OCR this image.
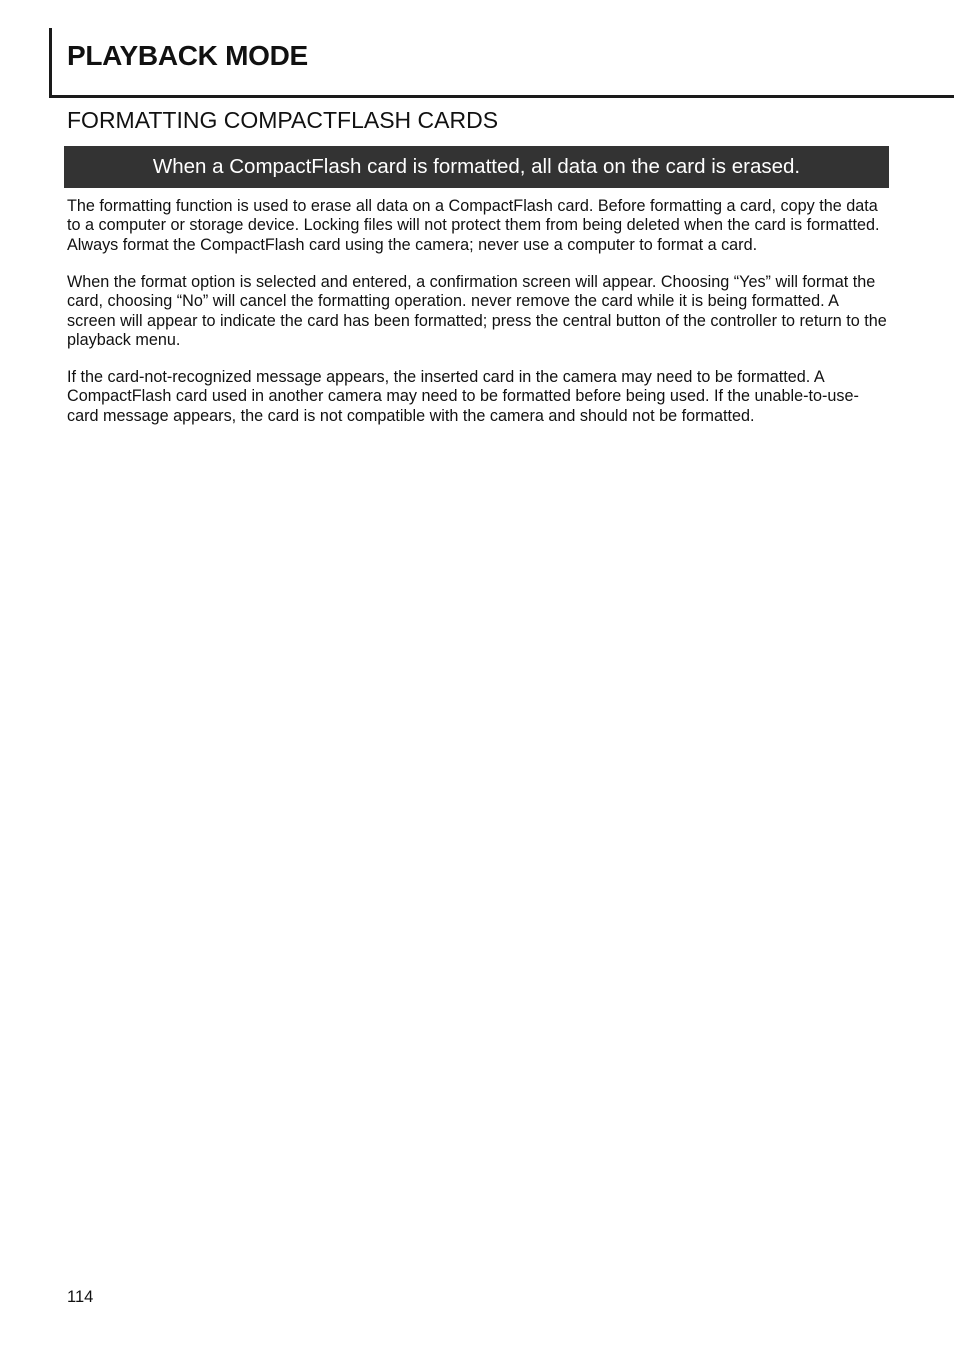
PLAYBACK MODE
FORMATTING COMPACTFLASH CARDS
When a CompactFlash card is formatted, all data on the card is erased.

The formatting function is used to erase all data on a CompactFlash card. Before formatting a card, copy the data to a computer or storage device. Locking files will not protect them from being deleted when the card is formatted. Always format the CompactFlash card using the camera; never use a computer to format a card.

When the format option is selected and entered, a confirmation screen will appear. Choosing “Yes” will format the card, choosing “No” will cancel the formatting operation. never remove the card while it is being formatted. A screen will appear to indicate the card has been formatted; press the central button of the controller to return to the playback menu.

If the card-not-recognized message appears, the inserted card in the camera may need to be formatted. A CompactFlash card used in another camera may need to be formatted before being used. If the unable-to-use-card message appears, the card is not compatible with the camera and should not be formatted.

114
